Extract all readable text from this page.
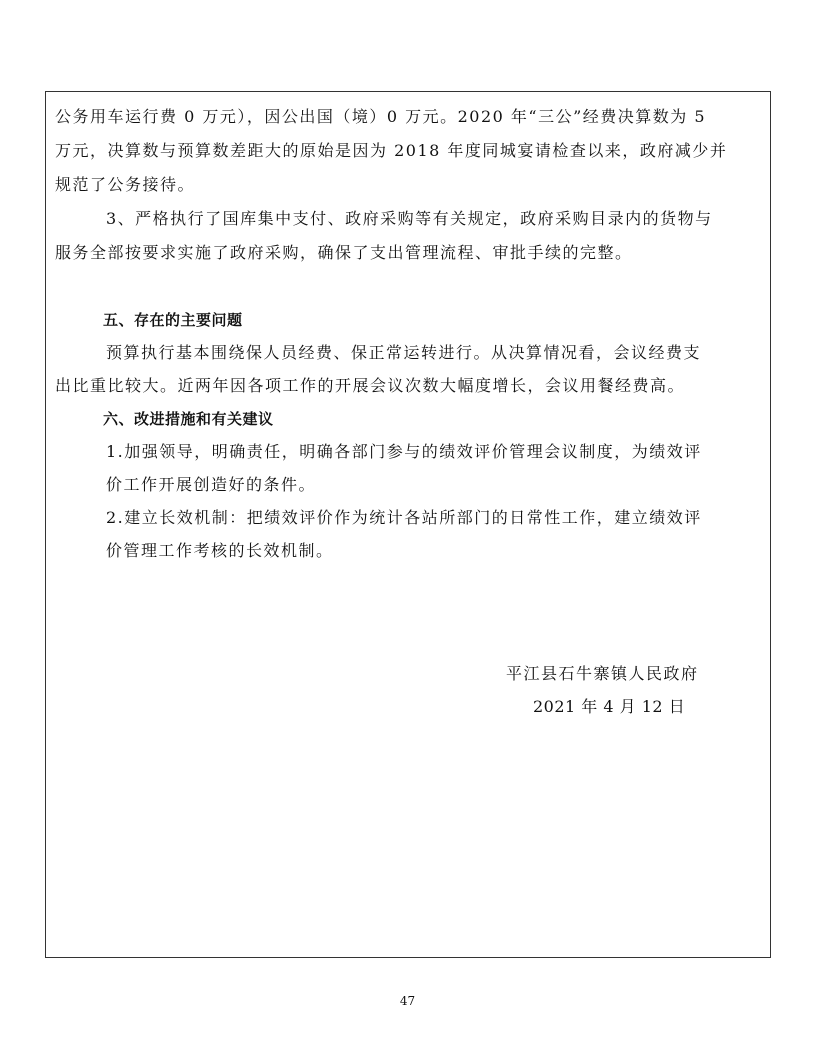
公务用车运行费 0 万元），因公出国（境）0 万元。2020 年“三公”经费决算数为 5
万元，决算数与预算数差距大的原始是因为 2018 年度同城宴请检查以来，政府减少并
规范了公务接待。
3、严格执行了国库集中支付、政府采购等有关规定，政府采购目录内的货物与
服务全部按要求实施了政府采购，确保了支出管理流程、审批手续的完整。
五、存在的主要问题
预算执行基本围绕保人员经费、保正常运转进行。从决算情况看，会议经费支
出比重比较大。近两年因各项工作的开展会议次数大幅度增长，会议用餐经费高。
六、改进措施和有关建议
1.加强领导，明确责任，明确各部门参与的绩效评价管理会议制度，为绩效评
价工作开展创造好的条件。
2.建立长效机制：把绩效评价作为统计各站所部门的日常性工作，建立绩效评
价管理工作考核的长效机制。
平江县石牛寨镇人民政府
2021 年 4 月 12 日
47
